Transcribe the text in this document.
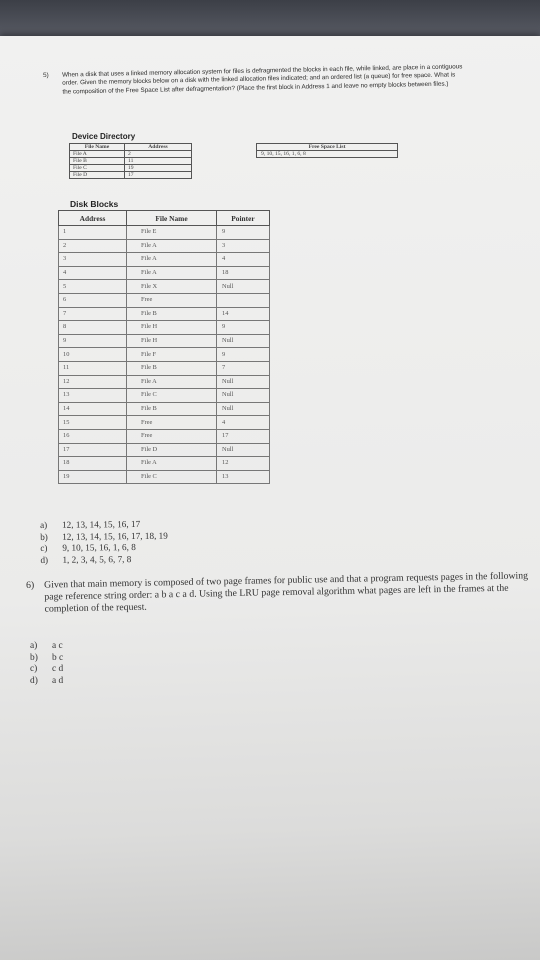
5) When a disk that uses a linked memory allocation system for files is defragmented the blocks in each file, while linked, are place in a contiguous order. Given the memory blocks below on a disk with the linked allocation files indicated; and an ordered list (a queue) for free space. What is the composition of the Free Space List after defragmentation? (Place the first block in Address 1 and leave no empty blocks between files.)
Device Directory
File Name	Address
File A	2
File B	11
File C	19
File D	17
Free Space List
9, 10, 15, 16, 1, 6, 8
Disk Blocks
Address	File Name	Pointer
1	File E	9
2	File A	3
3	File A	4
4	File A	18
5	File X	Null
6	Free	
7	File B	14
8	File H	9
9	File H	Null
10	File F	9
11	File B	7
12	File A	Null
13	File C	Null
14	File B	Null
15	Free	4
16	Free	17
17	File D	Null
18	File A	12
19	File C	13
a) 12, 13, 14, 15, 16, 17
b) 12, 13, 14, 15, 16, 17, 18, 19
c) 9, 10, 15, 16, 1, 6, 8
d) 1, 2, 3, 4, 5, 6, 7, 8
6) Given that main memory is composed of two page frames for public use and that a program requests pages in the following page reference string order: a b a c a d. Using the LRU page removal algorithm what pages are left in the frames at the completion of the request.
a) a c
b) b c
c) c d
d) a d
